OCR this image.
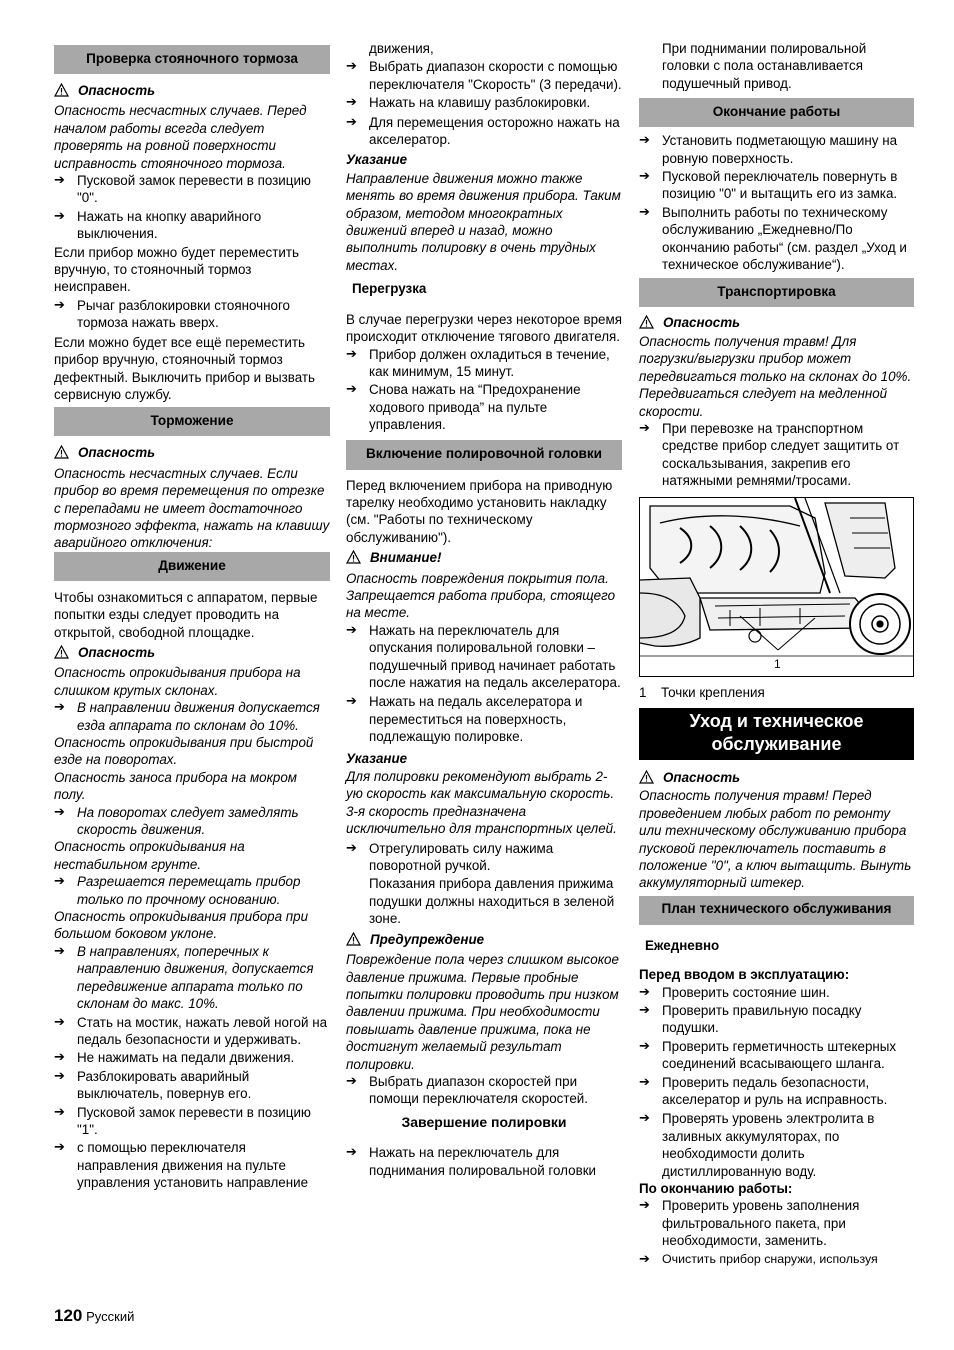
Проверка стояночного тормоза
Опасность

Опасность несчастных случаев. Перед началом работы всегда следует проверять на ровной поверхности исправность стояночного тормоза.

➔ Пусковой замок перевести в позицию "0".

➔ Нажать на кнопку аварийного выключения.

Если прибор можно будет переместить вручную, то стояночный тормоз неисправен.

➔ Рычаг разблокировки стояночного тормоза нажать вверх.

Если можно будет все ещё переместить прибор вручную, стояночный тормоз дефектный. Выключить прибор и вызвать сервисную службу.

Торможение
Опасность

Опасность несчастных случаев. Если прибор во время перемещения по отрезке с перепадами не имеет достаточного тормозного эффекта, нажать на клавишу аварийного отключения:

Движение

Чтобы ознакомиться с аппаратом, первые попытки езды следует проводить на открытой, свободной площадке.

Опасность

Опасность опрокидывания прибора на слишком крутых склонах.

➔ В направлении движения допускается езда аппарата по склонам до 10%.

Опасность опрокидывания при быстрой езде на поворотах.

Опасность заноса прибора на мокром полу.

➔ На поворотах следует замедлять скорость движения.

Опасность опрокидывания на нестабильном грунте.

➔ Разрешается перемещать прибор только по прочному основанию.

Опасность опрокидывания прибора при большом боковом уклоне.

➔ В направлениях, поперечных к направлению движения, допускается передвижение аппарата только по склонам до макс. 10%.

➔ Стать на мостик, нажать левой ногой на педаль безопасности и удерживать.

➔ Не нажимать на педали движения.

➔ Разблокировать аварийный выключатель, повернув его.

➔ Пусковой замок перевести в позицию "1".

➔ с помощью переключателя направления движения на пульте управления установить направление

движения,

➔ Выбрать диапазон скорости с помощью переключателя "Скорость" (3 передачи).

➔ Нажать на клавишу разблокировки.

➔ Для перемещения осторожно нажать на акселератор.

Указание

Направление движения можно также менять во время движения прибора. Таким образом, методом многократных движений вперед и назад, можно выполнить полировку в очень трудных местах.

Перегрузка

В случае перегрузки через некоторое время происходит отключение тягового двигателя.

➔ Прибор должен охладиться в течение, как минимум, 15 минут.

➔ Снова нажать на “Предохранение ходового привода” на пульте управления.

Включение полировочной головки

Перед включением прибора на приводную тарелку необходимо установить накладку (см. "Работы по техническому обслуживанию").

Внимание!

Опасность повреждения покрытия пола. Запрещается работа прибора, стоящего на месте.

➔ Нажать на переключатель для опускания полировальной головки – подушечный привод начинает работать после нажатия на педаль акселератора.

➔ Нажать на педаль акселератора и переместиться на поверхность, подлежащую полировке.

Указание

Для полировки рекомендуют выбрать 2-ую скорость как максимальную скорость. 3-я скорость предназначена исключительно для транспортных целей.

➔ Отрегулировать силу нажима поворотной ручкой.

Показания прибора давления прижима подушки должны находиться в зеленой зоне.

Предупреждение

Повреждение пола через слишком высокое давление прижима. Первые пробные попытки полировки проводить при низком давлении прижима. При необходимости повышать давление прижима, пока не достигнут желаемый результат полировки.

➔ Выбрать диапазон скоростей при помощи переключателя скоростей.

Завершение полировки

➔ Нажать на переключатель для поднимания полировальной головки

При поднимании полировальной головки с пола останавливается подушечный привод.

Окончание работы

➔ Установить подметающую машину на ровную поверхность.

➔ Пусковой переключатель повернуть в позицию "0" и вытащить его из замка.

➔ Выполнить работы по техническому обслуживанию „Ежедневно/По окончанию работы“ (см. раздел „Уход и техническое обслуживание“).

Транспортировка
Опасность

Опасность получения травм! Для погрузки/выгрузки прибор может передвигаться только на склонах до 10%. Передвигаться следует на медленной скорости.

➔ При перевозке на транспортном средстве прибор следует защитить от соскальзывания, закрепив его натяжными ремнями/тросами.

1
1 Точки крепления
Уход и техническое обслуживание
Опасность

Опасность получения травм! Перед проведением любых работ по ремонту или техническому обслуживанию прибора пусковой переключатель поставить в положение "0", а ключ вытащить. Вынуть аккумуляторный штекер.

План технического обслуживания

Ежедневно

Перед вводом в эксплуатацию:

➔ Проверить состояние шин.

➔ Проверить правильную посадку подушки.

➔ Проверить герметичность штекерных соединений всасывающего шланга.

➔ Проверить педаль безопасности, акселератор и руль на исправность.

➔ Проверять уровень электролита в заливных аккумуляторах, по необходимости долить дистиллированную воду.

По окончанию работы:

➔ Проверить уровень заполнения фильтровального пакета, при необходимости, заменить.

➔ Очистить прибор снаружи, используя

120 Русский
